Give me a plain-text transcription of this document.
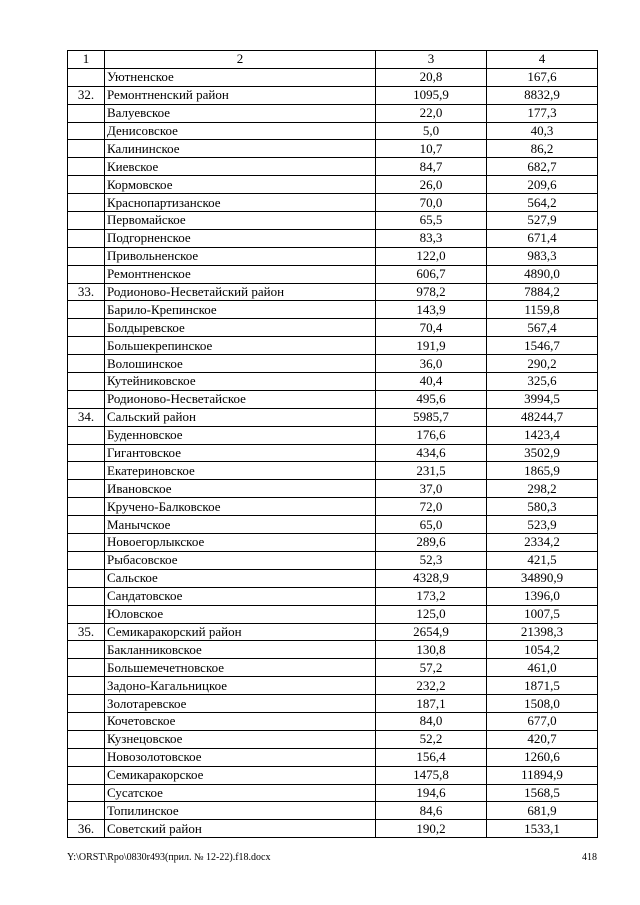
1	2	3	4
	Уютненское	20,8	167,6
32.	Ремонтненский район	1095,9	8832,9
	Валуевское	22,0	177,3
	Денисовское	5,0	40,3
	Калининское	10,7	86,2
	Киевское	84,7	682,7
	Кормовское	26,0	209,6
	Краснопартизанское	70,0	564,2
	Первомайское	65,5	527,9
	Подгорненское	83,3	671,4
	Привольненское	122,0	983,3
	Ремонтненское	606,7	4890,0
33.	Родионово-Несветайский район	978,2	7884,2
	Барило-Крепинское	143,9	1159,8
	Болдыревское	70,4	567,4
	Большекрепинское	191,9	1546,7
	Волошинское	36,0	290,2
	Кутейниковское	40,4	325,6
	Родионово-Несветайское	495,6	3994,5
34.	Сальский район	5985,7	48244,7
	Буденновское	176,6	1423,4
	Гигантовское	434,6	3502,9
	Екатериновское	231,5	1865,9
	Ивановское	37,0	298,2
	Кручено-Балковское	72,0	580,3
	Манычское	65,0	523,9
	Новоегорлыкское	289,6	2334,2
	Рыбасовское	52,3	421,5
	Сальское	4328,9	34890,9
	Сандатовское	173,2	1396,0
	Юловское	125,0	1007,5
35.	Семикаракорский район	2654,9	21398,3
	Бакланниковское	130,8	1054,2
	Большемечетновское	57,2	461,0
	Задоно-Кагальницкое	232,2	1871,5
	Золотаревское	187,1	1508,0
	Кочетовское	84,0	677,0
	Кузнецовское	52,2	420,7
	Новозолотовское	156,4	1260,6
	Семикаракорское	1475,8	11894,9
	Сусатское	194,6	1568,5
	Топилинское	84,6	681,9
36.	Советский район	190,2	1533,1
Y:\ORST\Rpo\0830r493(прил. № 12-22).f18.docx	418
